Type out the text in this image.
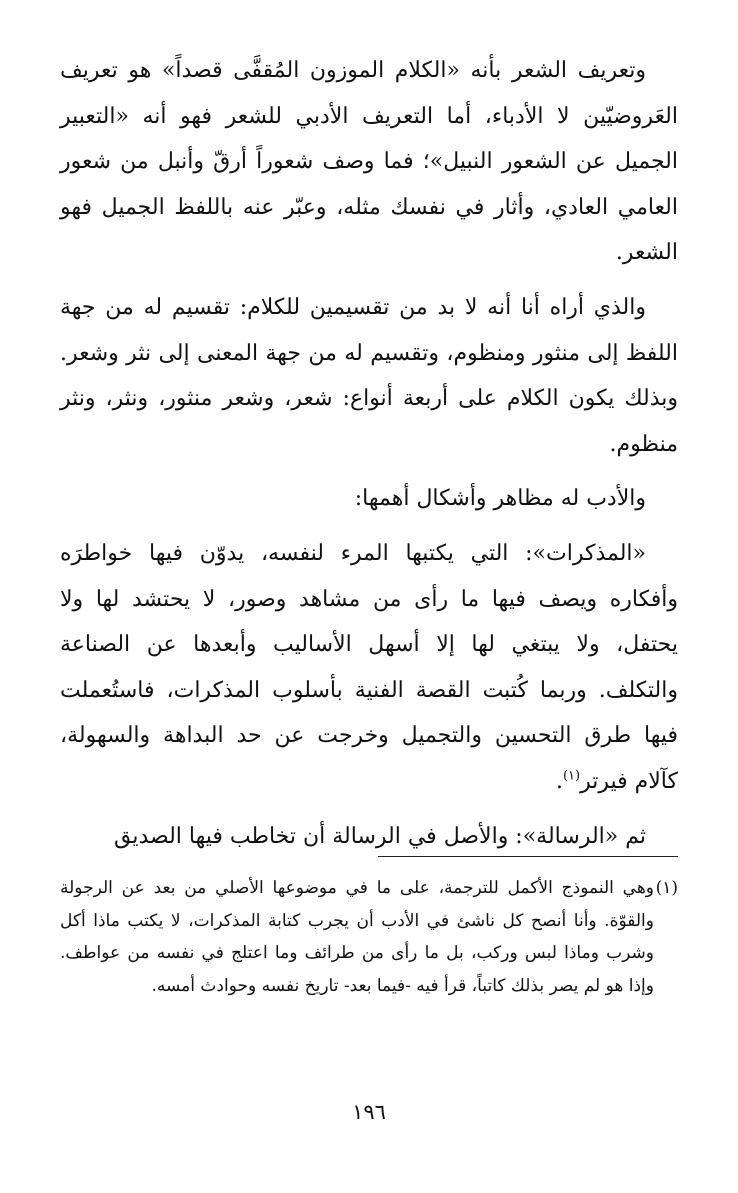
وتعريف الشعر بأنه «الكلام الموزون المُقفَّى قصداً» هو تعريف العَروضيّين لا الأدباء، أما التعريف الأدبي للشعر فهو أنه «التعبير الجميل عن الشعور النبيل»؛ فما وصف شعوراً أرقّ وأنبل من شعور العامي العادي، وأثار في نفسك مثله، وعبّر عنه باللفظ الجميل فهو الشعر.

والذي أراه أنا أنه لا بد من تقسيمين للكلام: تقسيم له من جهة اللفظ إلى منثور ومنظوم، وتقسيم له من جهة المعنى إلى نثر وشعر. وبذلك يكون الكلام على أربعة أنواع: شعر، وشعر منثور، ونثر، ونثر منظوم.

والأدب له مظاهر وأشكال أهمها:

«المذكرات»: التي يكتبها المرء لنفسه، يدوّن فيها خواطرَه وأفكاره ويصف فيها ما رأى من مشاهد وصور، لا يحتشد لها ولا يحتفل، ولا يبتغي لها إلا أسهل الأساليب وأبعدها عن الصناعة والتكلف. وربما كُتبت القصة الفنية بأسلوب المذكرات، فاستُعملت فيها طرق التحسين والتجميل وخرجت عن حد البداهة والسهولة، كآلام فيرتر$^{(١)}$.

ثم «الرسالة»: والأصل في الرسالة أن تخاطب فيها الصديق

(١)وهي النموذج الأكمل للترجمة، على ما في موضوعها الأصلي من بعد عن الرجولة والقوّة. وأنا أنصح كل ناشئ في الأدب أن يجرب كتابة المذكرات، لا يكتب ماذا أكل وشرب وماذا لبس وركب، بل ما رأى من طرائف وما اعتلج في نفسه من عواطف. وإذا هو لم يصر بذلك كاتباً، قرأ فيه -فيما بعد- تاريخ نفسه وحوادث أمسه.
١٩٦
